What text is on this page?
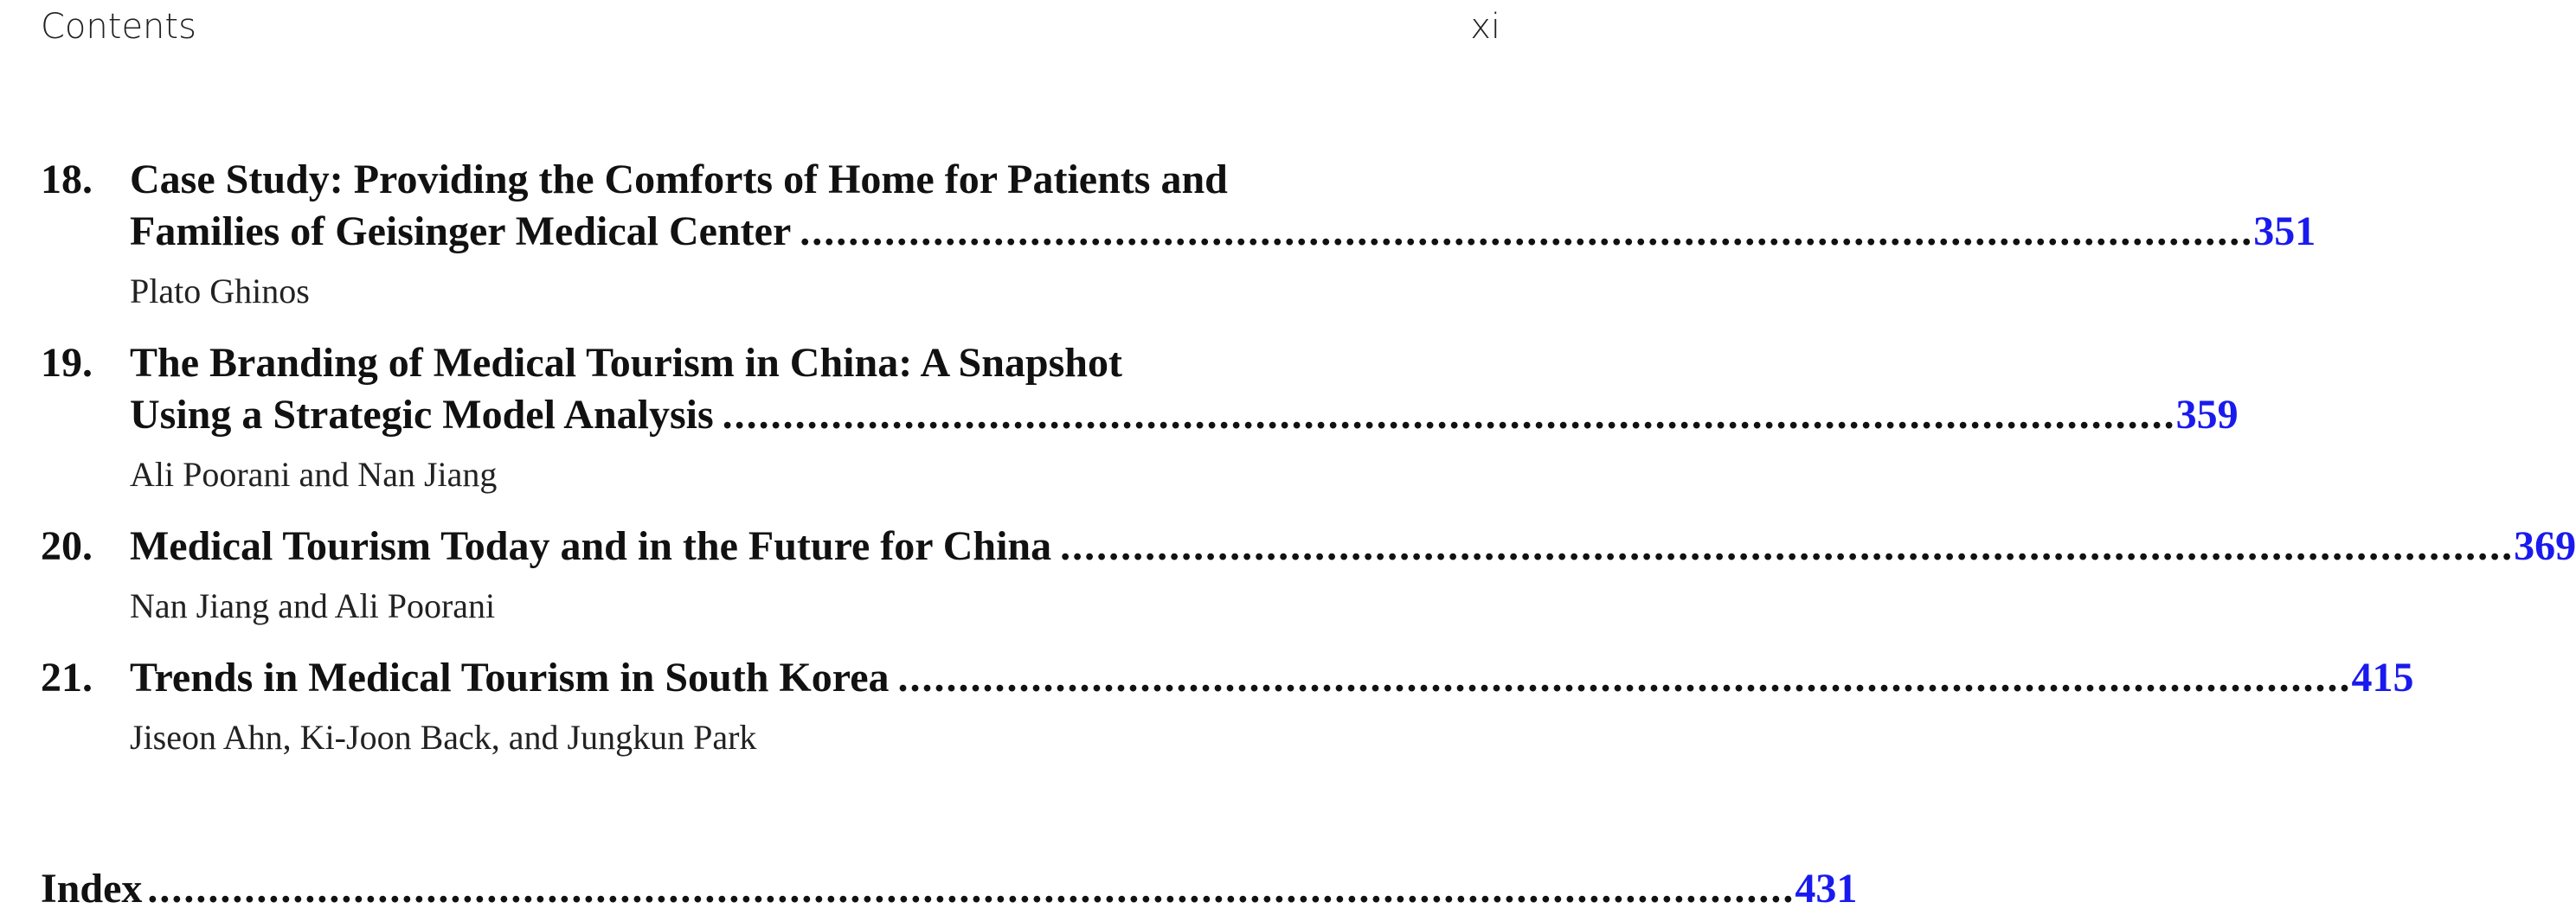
Contents	xi
18. Case Study: Providing the Comforts of Home for Patients and
Families of Geisinger Medical Center ........................................................................................................................ 351
Plato Ghinos
19. The Branding of Medical Tourism in China: A Snapshot
Using a Strategic Model Analysis ........................................................................................................................ 359
Ali Poorani and Nan Jiang
20. Medical Tourism Today and in the Future for China ........................................................................................................................ 369
Nan Jiang and Ali Poorani
21. Trends in Medical Tourism in South Korea ........................................................................................................................ 415
Jiseon Ahn, Ki-Joon Back, and Jungkun Park
Index ........................................................................................................................................ 431
